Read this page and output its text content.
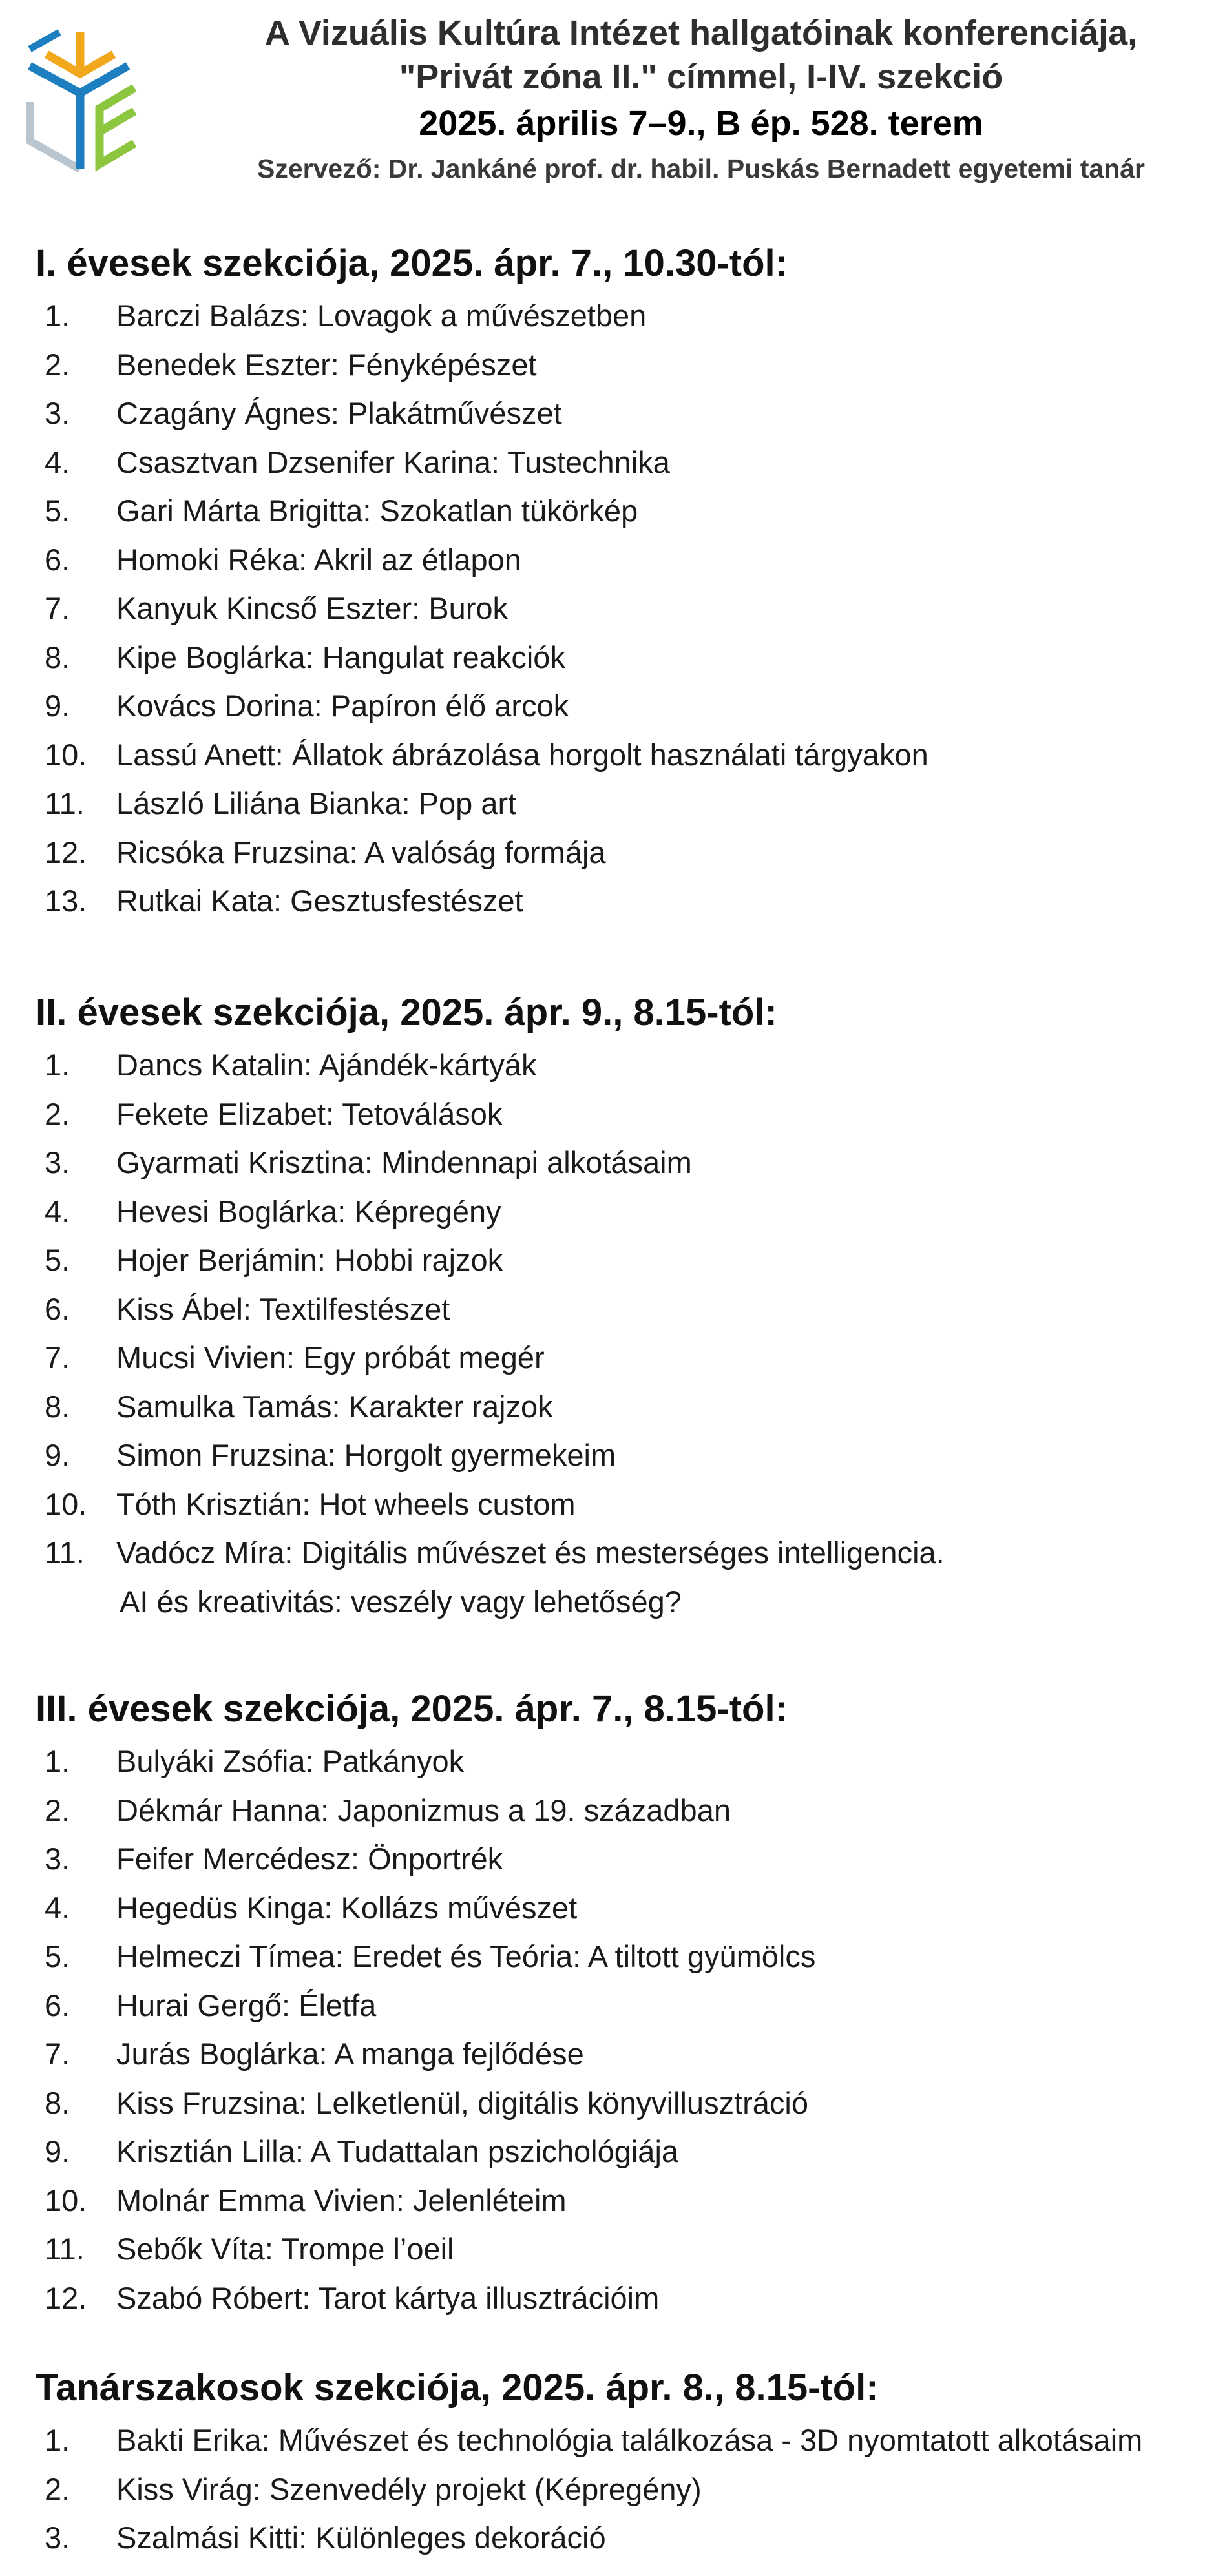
A Vizuális Kultúra Intézet hallgatóinak konferenciája,
"Privát zóna II." címmel, I-IV. szekció
2025. április 7–9., B ép. 528. terem
Szervező: Dr. Jankáné prof. dr. habil. Puskás Bernadett egyetemi tanár
I. évesek szekciója, 2025. ápr. 7., 10.30-tól:
1.	Barczi Balázs: Lovagok a művészetben
2.	Benedek Eszter: Fényképészet
3.	Czagány Ágnes: Plakátművészet
4.	Csasztvan Dzsenifer Karina: Tustechnika
5.	Gari Márta Brigitta: Szokatlan tükörkép
6.	Homoki Réka: Akril az étlapon
7.	Kanyuk Kincső Eszter: Burok
8.	Kipe Boglárka: Hangulat reakciók
9.	Kovács Dorina: Papíron élő arcok
10. Lassú Anett: Állatok ábrázolása horgolt használati tárgyakon
11.	László Liliána Bianka: Pop art
12. Ricsóka Fruzsina: A valóság formája
13. Rutkai Kata: Gesztusfestészet
II. évesek szekciója, 2025. ápr. 9., 8.15-tól:
1.	Dancs Katalin: Ajándék-kártyák
2.	Fekete Elizabet: Tetoválások
3.	Gyarmati Krisztina: Mindennapi alkotásaim
4.	Hevesi Boglárka: Képregény
5.	Hojer Berjámin: Hobbi rajzok
6.	Kiss Ábel: Textilfestészet
7.	Mucsi Vivien: Egy próbát megér
8.	Samulka Tamás: Karakter rajzok
9.	Simon Fruzsina: Horgolt gyermekeim
10. Tóth Krisztián: Hot wheels custom
11.	Vadócz Míra: Digitális művészet és mesterséges intelligencia.
AI és kreativitás: veszély vagy lehetőség?
III. évesek szekciója, 2025. ápr. 7., 8.15-tól:
1.	Bulyáki Zsófia: Patkányok
2.	Dékmár Hanna: Japonizmus a 19. században
3.	Feifer Mercédesz: Önportrék
4.	Hegedüs Kinga: Kollázs művészet
5.	Helmeczi Tímea: Eredet és Teória: A tiltott gyümölcs
6.	Hurai Gergő: Életfa
7.	Jurás Boglárka: A manga fejlődése
8.	Kiss Fruzsina: Lelketlenül, digitális könyvillusztráció
9.	Krisztián Lilla: A Tudattalan pszichológiája
10. Molnár Emma Vivien: Jelenléteim
11.	Sebők Víta: Trompe l’oeil
12. Szabó Róbert: Tarot kártya illusztrációim
Tanárszakosok szekciója, 2025. ápr. 8., 8.15-tól:
1.	Bakti Erika: Művészet és technológia találkozása - 3D nyomtatott alkotásaim
2.	Kiss Virág: Szenvedély projekt (Képregény)
3.	Szalmási Kitti: Különleges dekoráció
